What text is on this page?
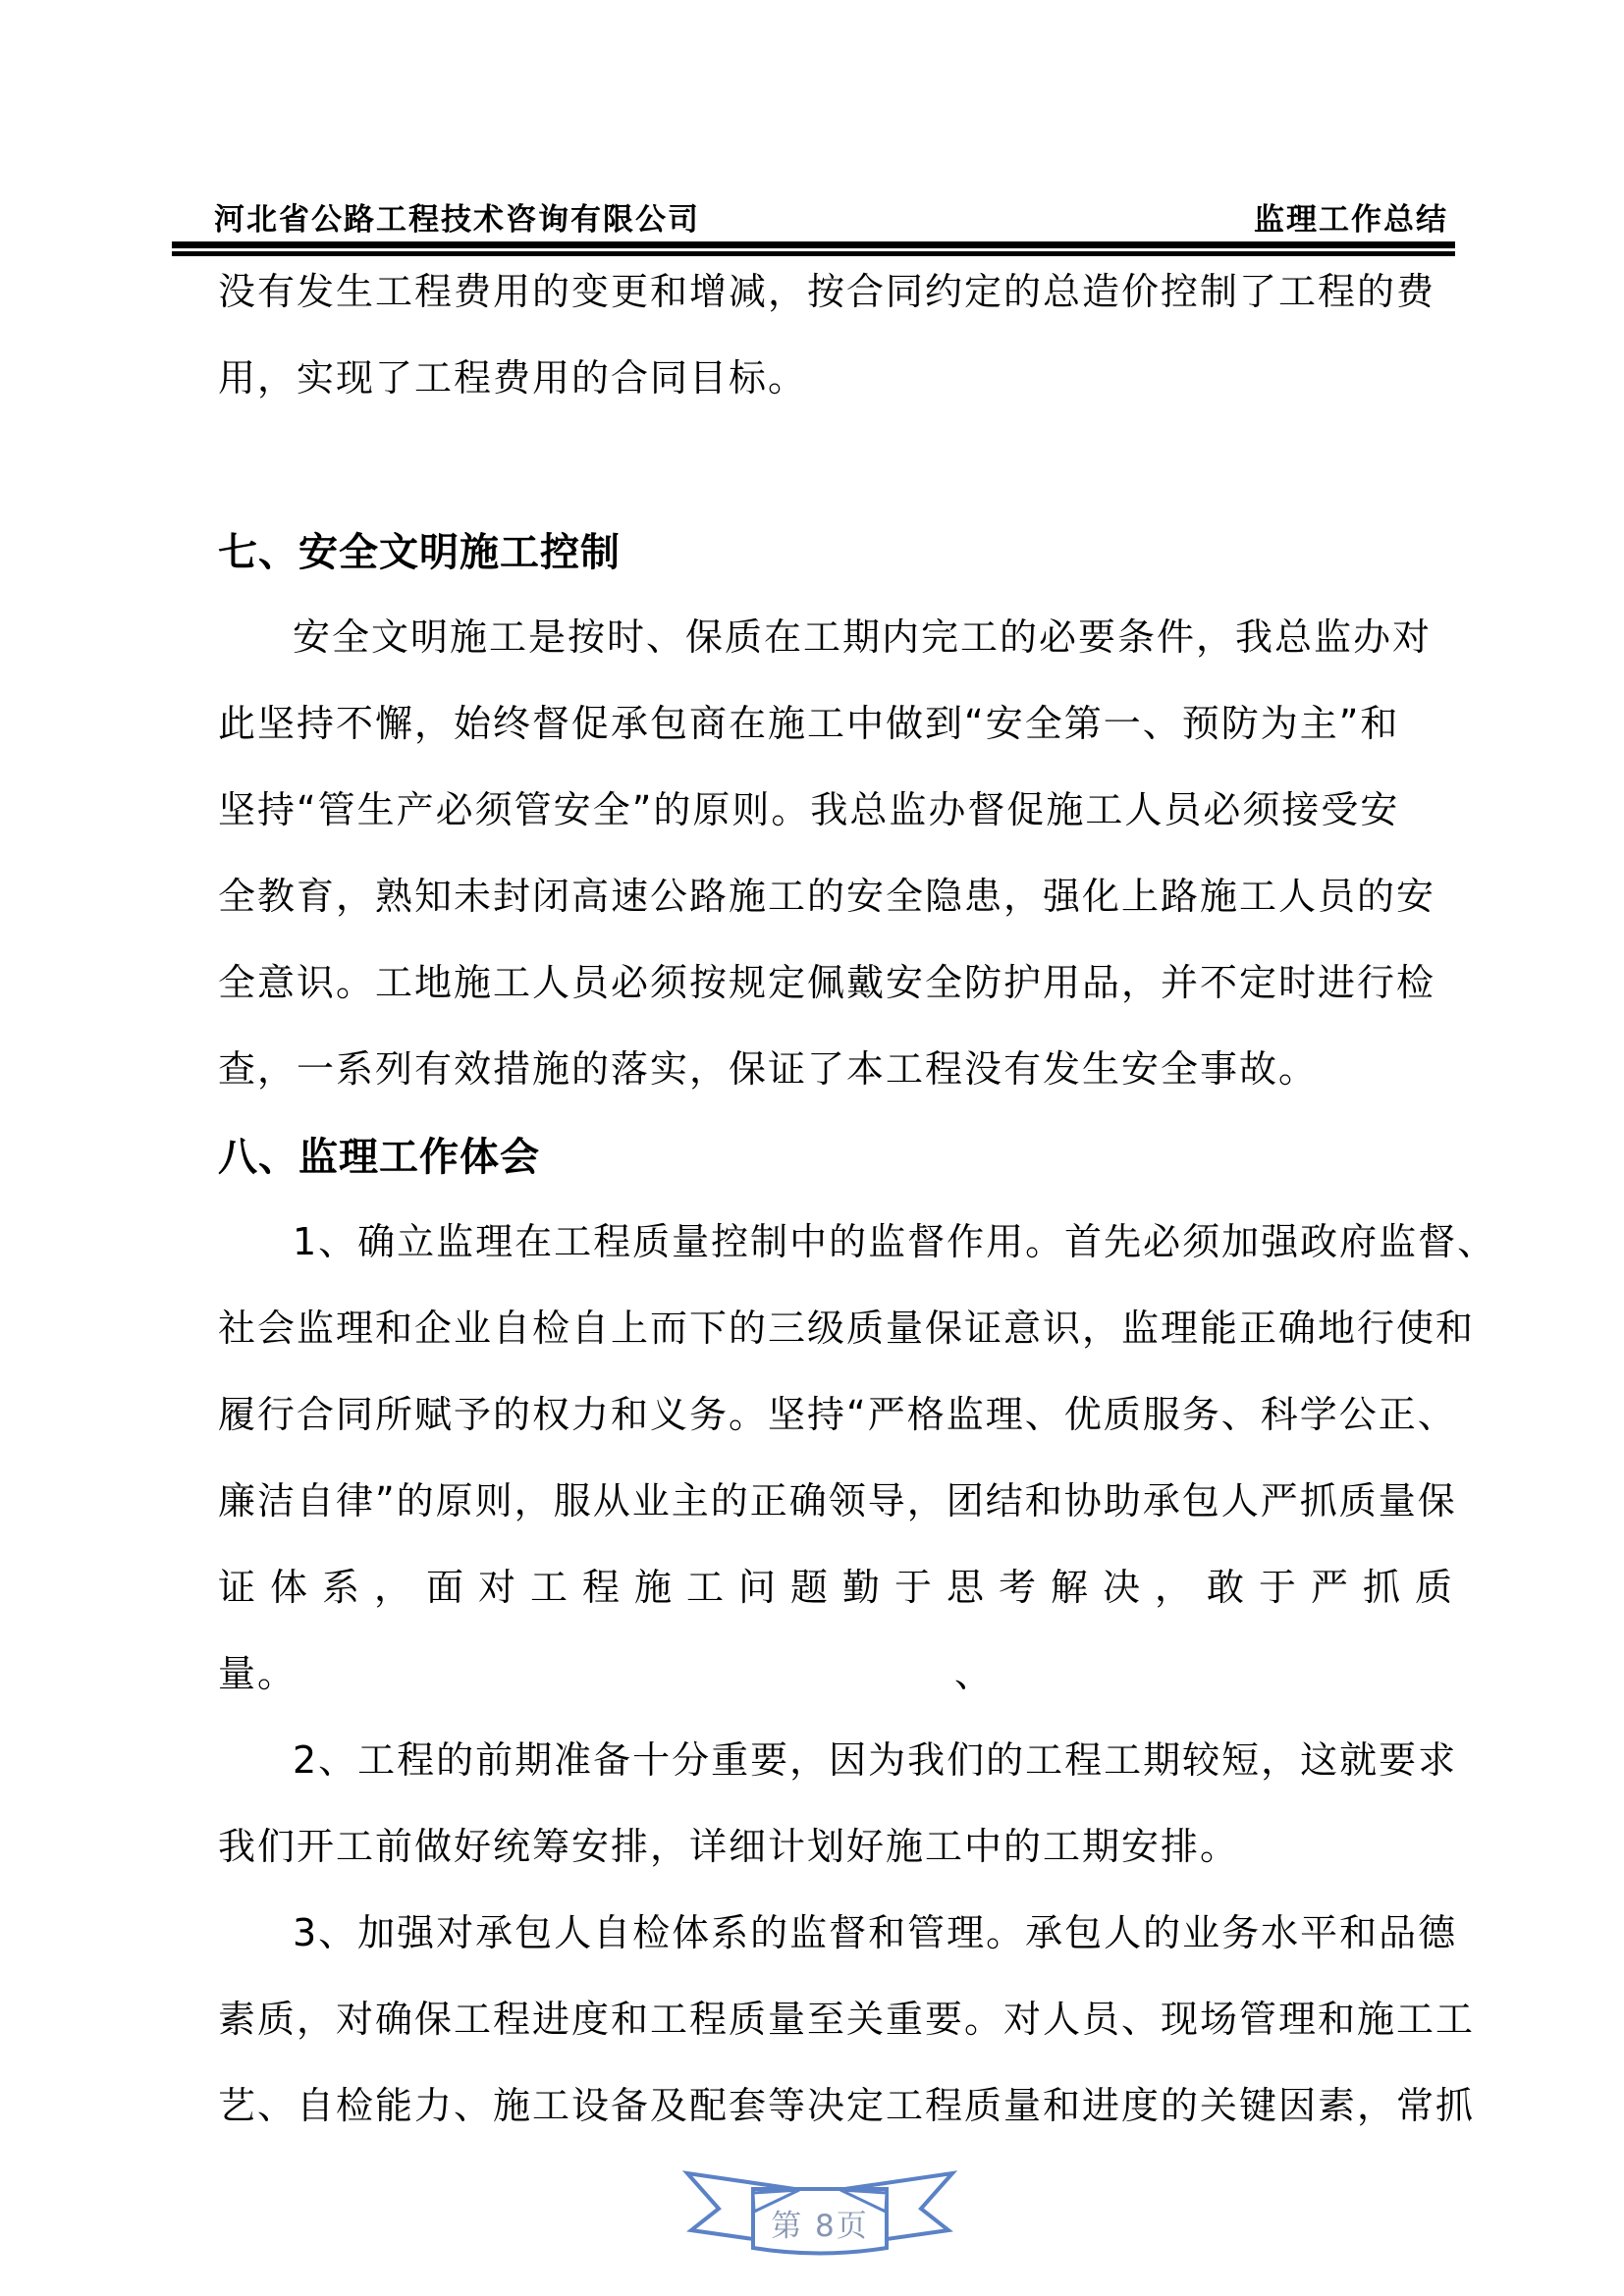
河北省公路工程技术咨询有限公司	监理工作总结
没有发生工程费用的变更和增减，按合同约定的总造价控制了工程的费
用，实现了工程费用的合同目标。
七、安全文明施工控制
安全文明施工是按时、保质在工期内完工的必要条件，我总监办对
此坚持不懈，始终督促承包商在施工中做到“安全第一、预防为主”和
坚持“管生产必须管安全”的原则。我总监办督促施工人员必须接受安
全教育，熟知未封闭高速公路施工的安全隐患，强化上路施工人员的安
全意识。工地施工人员必须按规定佩戴安全防护用品，并不定时进行检
查，一系列有效措施的落实，保证了本工程没有发生安全事故。
八、监理工作体会
1、确立监理在工程质量控制中的监督作用。首先必须加强政府监督、
社会监理和企业自检自上而下的三级质量保证意识，监理能正确地行使和
履行合同所赋予的权力和义务。坚持“严格监理、优质服务、科学公正、
廉洁自律”的原则，服从业主的正确领导，团结和协助承包人严抓质量保
证体系，面对工程施工问题勤于思考解决，敢于严抓质
量。	、
2、工程的前期准备十分重要，因为我们的工程工期较短，这就要求
我们开工前做好统筹安排，详细计划好施工中的工期安排。
3、加强对承包人自检体系的监督和管理。承包人的业务水平和品德
素质，对确保工程进度和工程质量至关重要。对人员、现场管理和施工工
艺、自检能力、施工设备及配套等决定工程质量和进度的关键因素，常抓
第 8页
